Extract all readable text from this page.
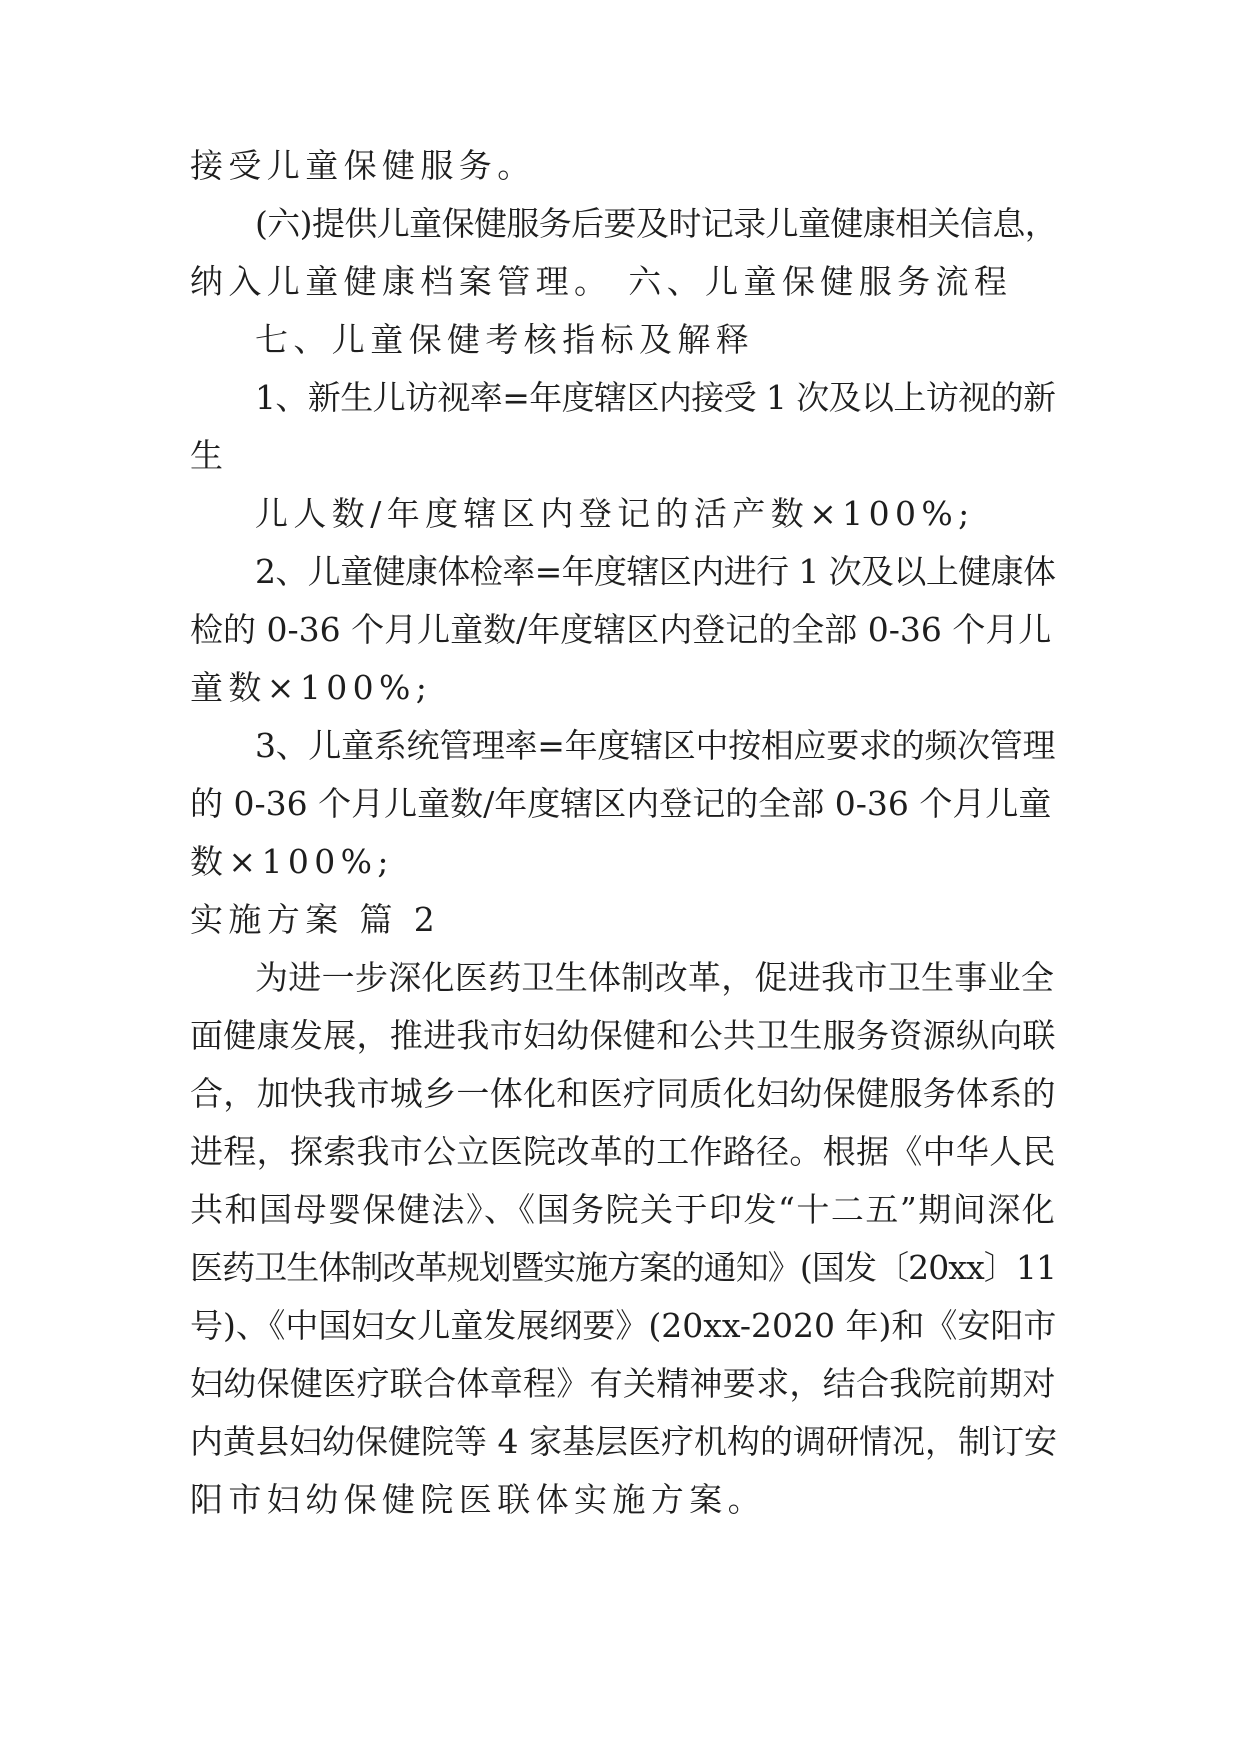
接受儿童保健服务。

(六)提供儿童保健服务后要及时记录儿童健康相关信息，

纳入儿童健康档案管理。 六、儿童保健服务流程

七、儿童保健考核指标及解释

1、新生儿访视率=年度辖区内接受 1 次及以上访视的新

生

儿人数/年度辖区内登记的活产数×100%;

2、儿童健康体检率=年度辖区内进行 1 次及以上健康体

检的 0-36 个月儿童数/年度辖区内登记的全部 0-36 个月儿

童数×100%;

3、儿童系统管理率=年度辖区中按相应要求的频次管理

的 0-36 个月儿童数/年度辖区内登记的全部 0-36 个月儿童

数×100%;

实施方案 篇 2

为进一步深化医药卫生体制改革，促进我市卫生事业全

面健康发展，推进我市妇幼保健和公共卫生服务资源纵向联

合，加快我市城乡一体化和医疗同质化妇幼保健服务体系的

进程，探索我市公立医院改革的工作路径。根据《中华人民

共和国母婴保健法》、《国务院关于印发“十二五”期间深化

医药卫生体制改革规划暨实施方案的通知》(国发〔20xx〕11

号)、《中国妇女儿童发展纲要》(20xx-2020 年)和《安阳市

妇幼保健医疗联合体章程》有关精神要求，结合我院前期对

内黄县妇幼保健院等 4 家基层医疗机构的调研情况，制订安

阳市妇幼保健院医联体实施方案。
